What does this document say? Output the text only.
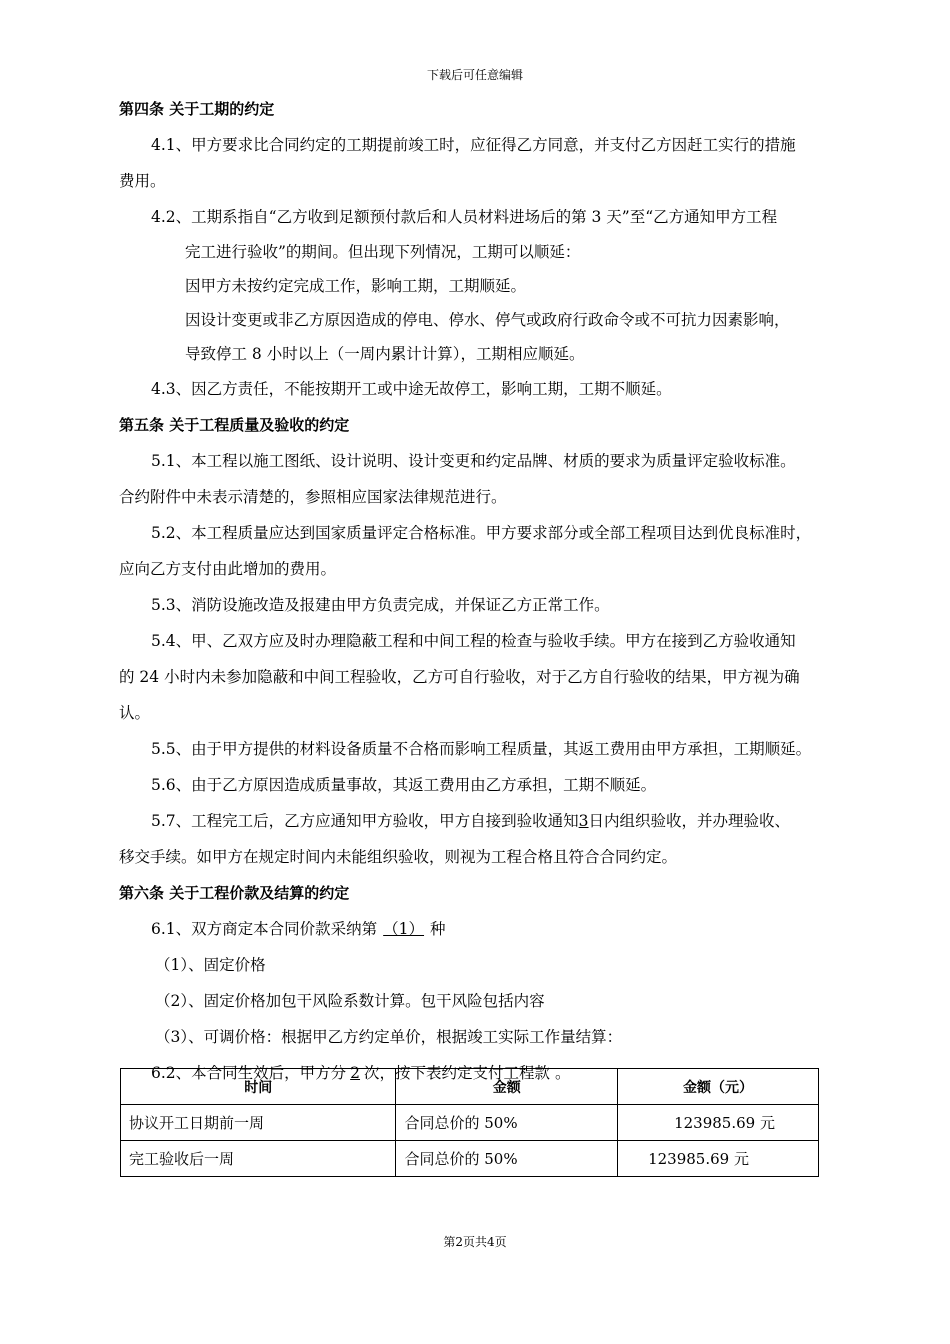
下载后可任意编辑
第四条 关于工期的约定
4.1、甲方要求比合同约定的工期提前竣工时，应征得乙方同意，并支付乙方因赶工实行的措施
费用。
4.2、工期系指自“乙方收到足额预付款后和人员材料进场后的第 3 天”至“乙方通知甲方工程
完工进行验收”的期间。但出现下列情况，工期可以顺延：
因甲方未按约定完成工作，影响工期，工期顺延。
因设计变更或非乙方原因造成的停电、停水、停气或政府行政命令或不可抗力因素影响，
导致停工 8 小时以上（一周内累计计算），工期相应顺延。
4.3、因乙方责任，不能按期开工或中途无故停工，影响工期，工期不顺延。
第五条 关于工程质量及验收的约定
5.1、本工程以施工图纸、设计说明、设计变更和约定品牌、材质的要求为质量评定验收标准。
合约附件中未表示清楚的，参照相应国家法律规范进行。
5.2、本工程质量应达到国家质量评定合格标准。甲方要求部分或全部工程项目达到优良标准时，
应向乙方支付由此增加的费用。
5.3、消防设施改造及报建由甲方负责完成，并保证乙方正常工作。
5.4、甲、乙双方应及时办理隐蔽工程和中间工程的检查与验收手续。甲方在接到乙方验收通知
的 24 小时内未参加隐蔽和中间工程验收，乙方可自行验收，对于乙方自行验收的结果，甲方视为确
认。
5.5、由于甲方提供的材料设备质量不合格而影响工程质量，其返工费用由甲方承担，工期顺延。
5.6、由于乙方原因造成质量事故，其返工费用由乙方承担，工期不顺延。
5.7、工程完工后，乙方应通知甲方验收，甲方自接到验收通知3日内组织验收，并办理验收、
移交手续。如甲方在规定时间内未能组织验收，则视为工程合格且符合合同约定。
第六条 关于工程价款及结算的约定
6.1、双方商定本合同价款采纳第 （1） 种
（1）、固定价格
（2）、固定价格加包干风险系数计算。包干风险包括内容
（3）、可调价格：根据甲乙方约定单价，根据竣工实际工作量结算：
6.2、本合同生效后，甲方分 2 次，按下表约定支付工程款 。
时间	金额	金额（元）
协议开工日期前一周	合同总价的 50%	123985.69 元
完工验收后一周	合同总价的 50%	123985.69 元
第2页共4页
